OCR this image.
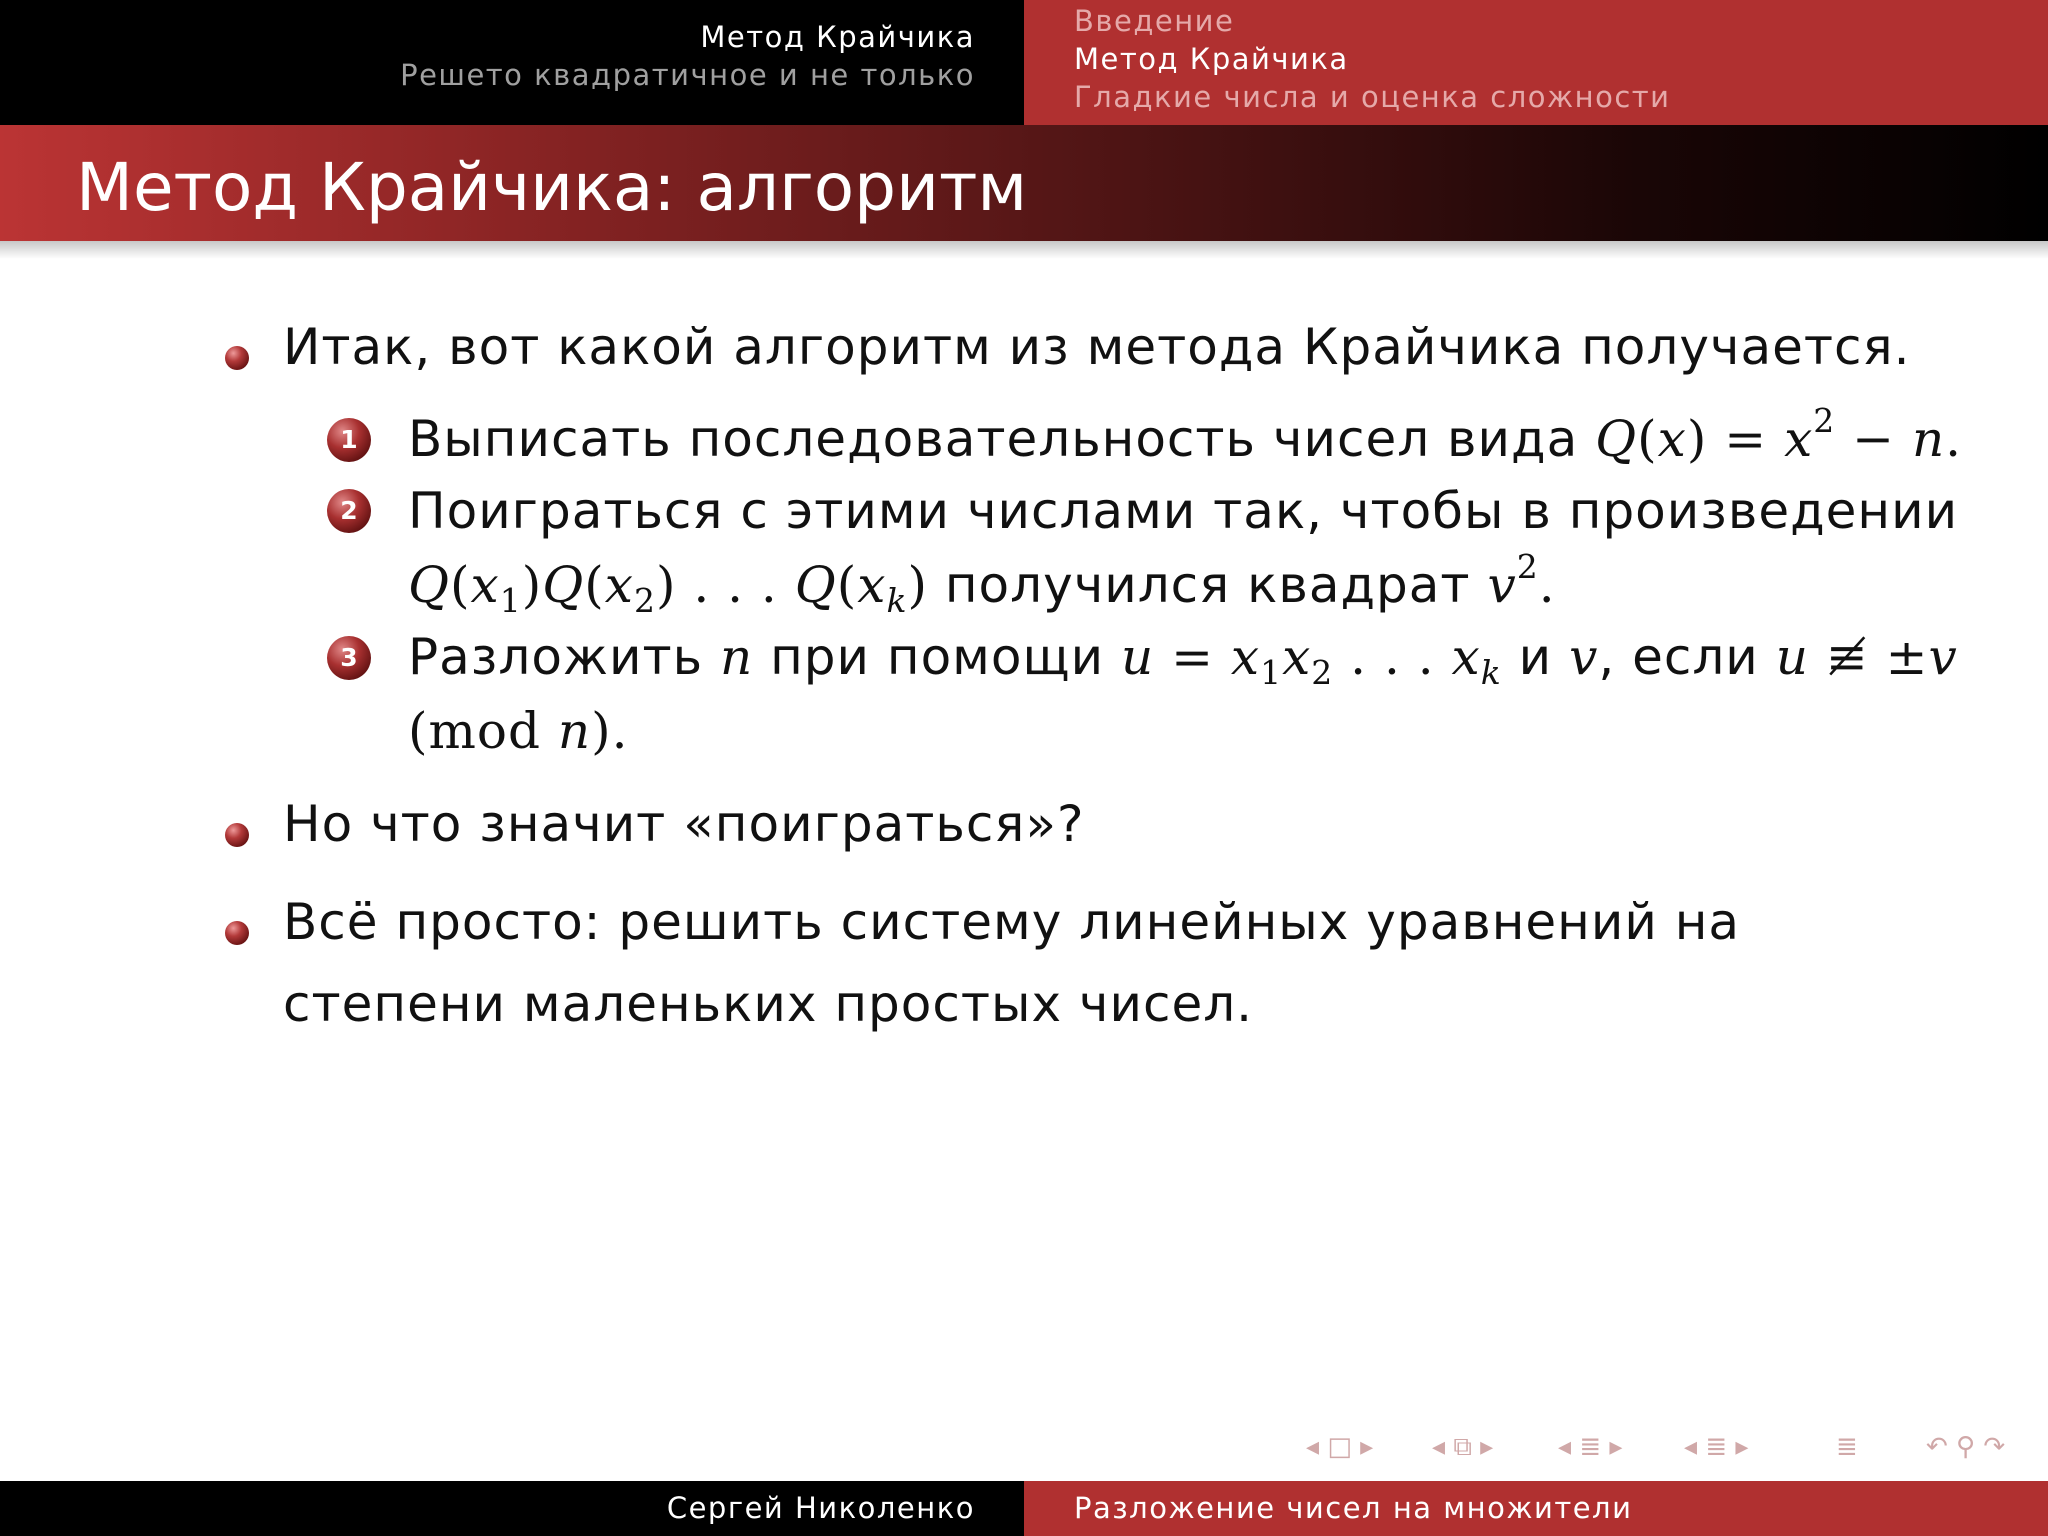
Метод Крайчика
Решето квадратичное и не только
Введение
Метод Крайчика
Гладкие числа и оценка сложности
Метод Крайчика: алгоритм
Итак, вот какой алгоритм из метода Крайчика получается.
1 Выписать последовательность чисел вида $Q(x) = x^2 - n$.
2 Поиграться с этими числами так, чтобы в произведении
$Q(x_1)Q(x_2)$ . . . $Q(x_k)$ получился квадрат $v^2$.
3 Разложить n при помощи $u = x_1x_2$ . . . $x_k$ и v, если u ≢ ±v
(mod n).
Но что значит «поиграться»?
Всё просто: решить систему линейных уравнений на
степени маленьких простых чисел.
◂ □ ▸ ◂ ⧉ ▸ ◂ ≣ ▸ ◂ ≣ ▸	≣	↶ ⚲ ↷
Сергей Николенко	Разложение чисел на множители
